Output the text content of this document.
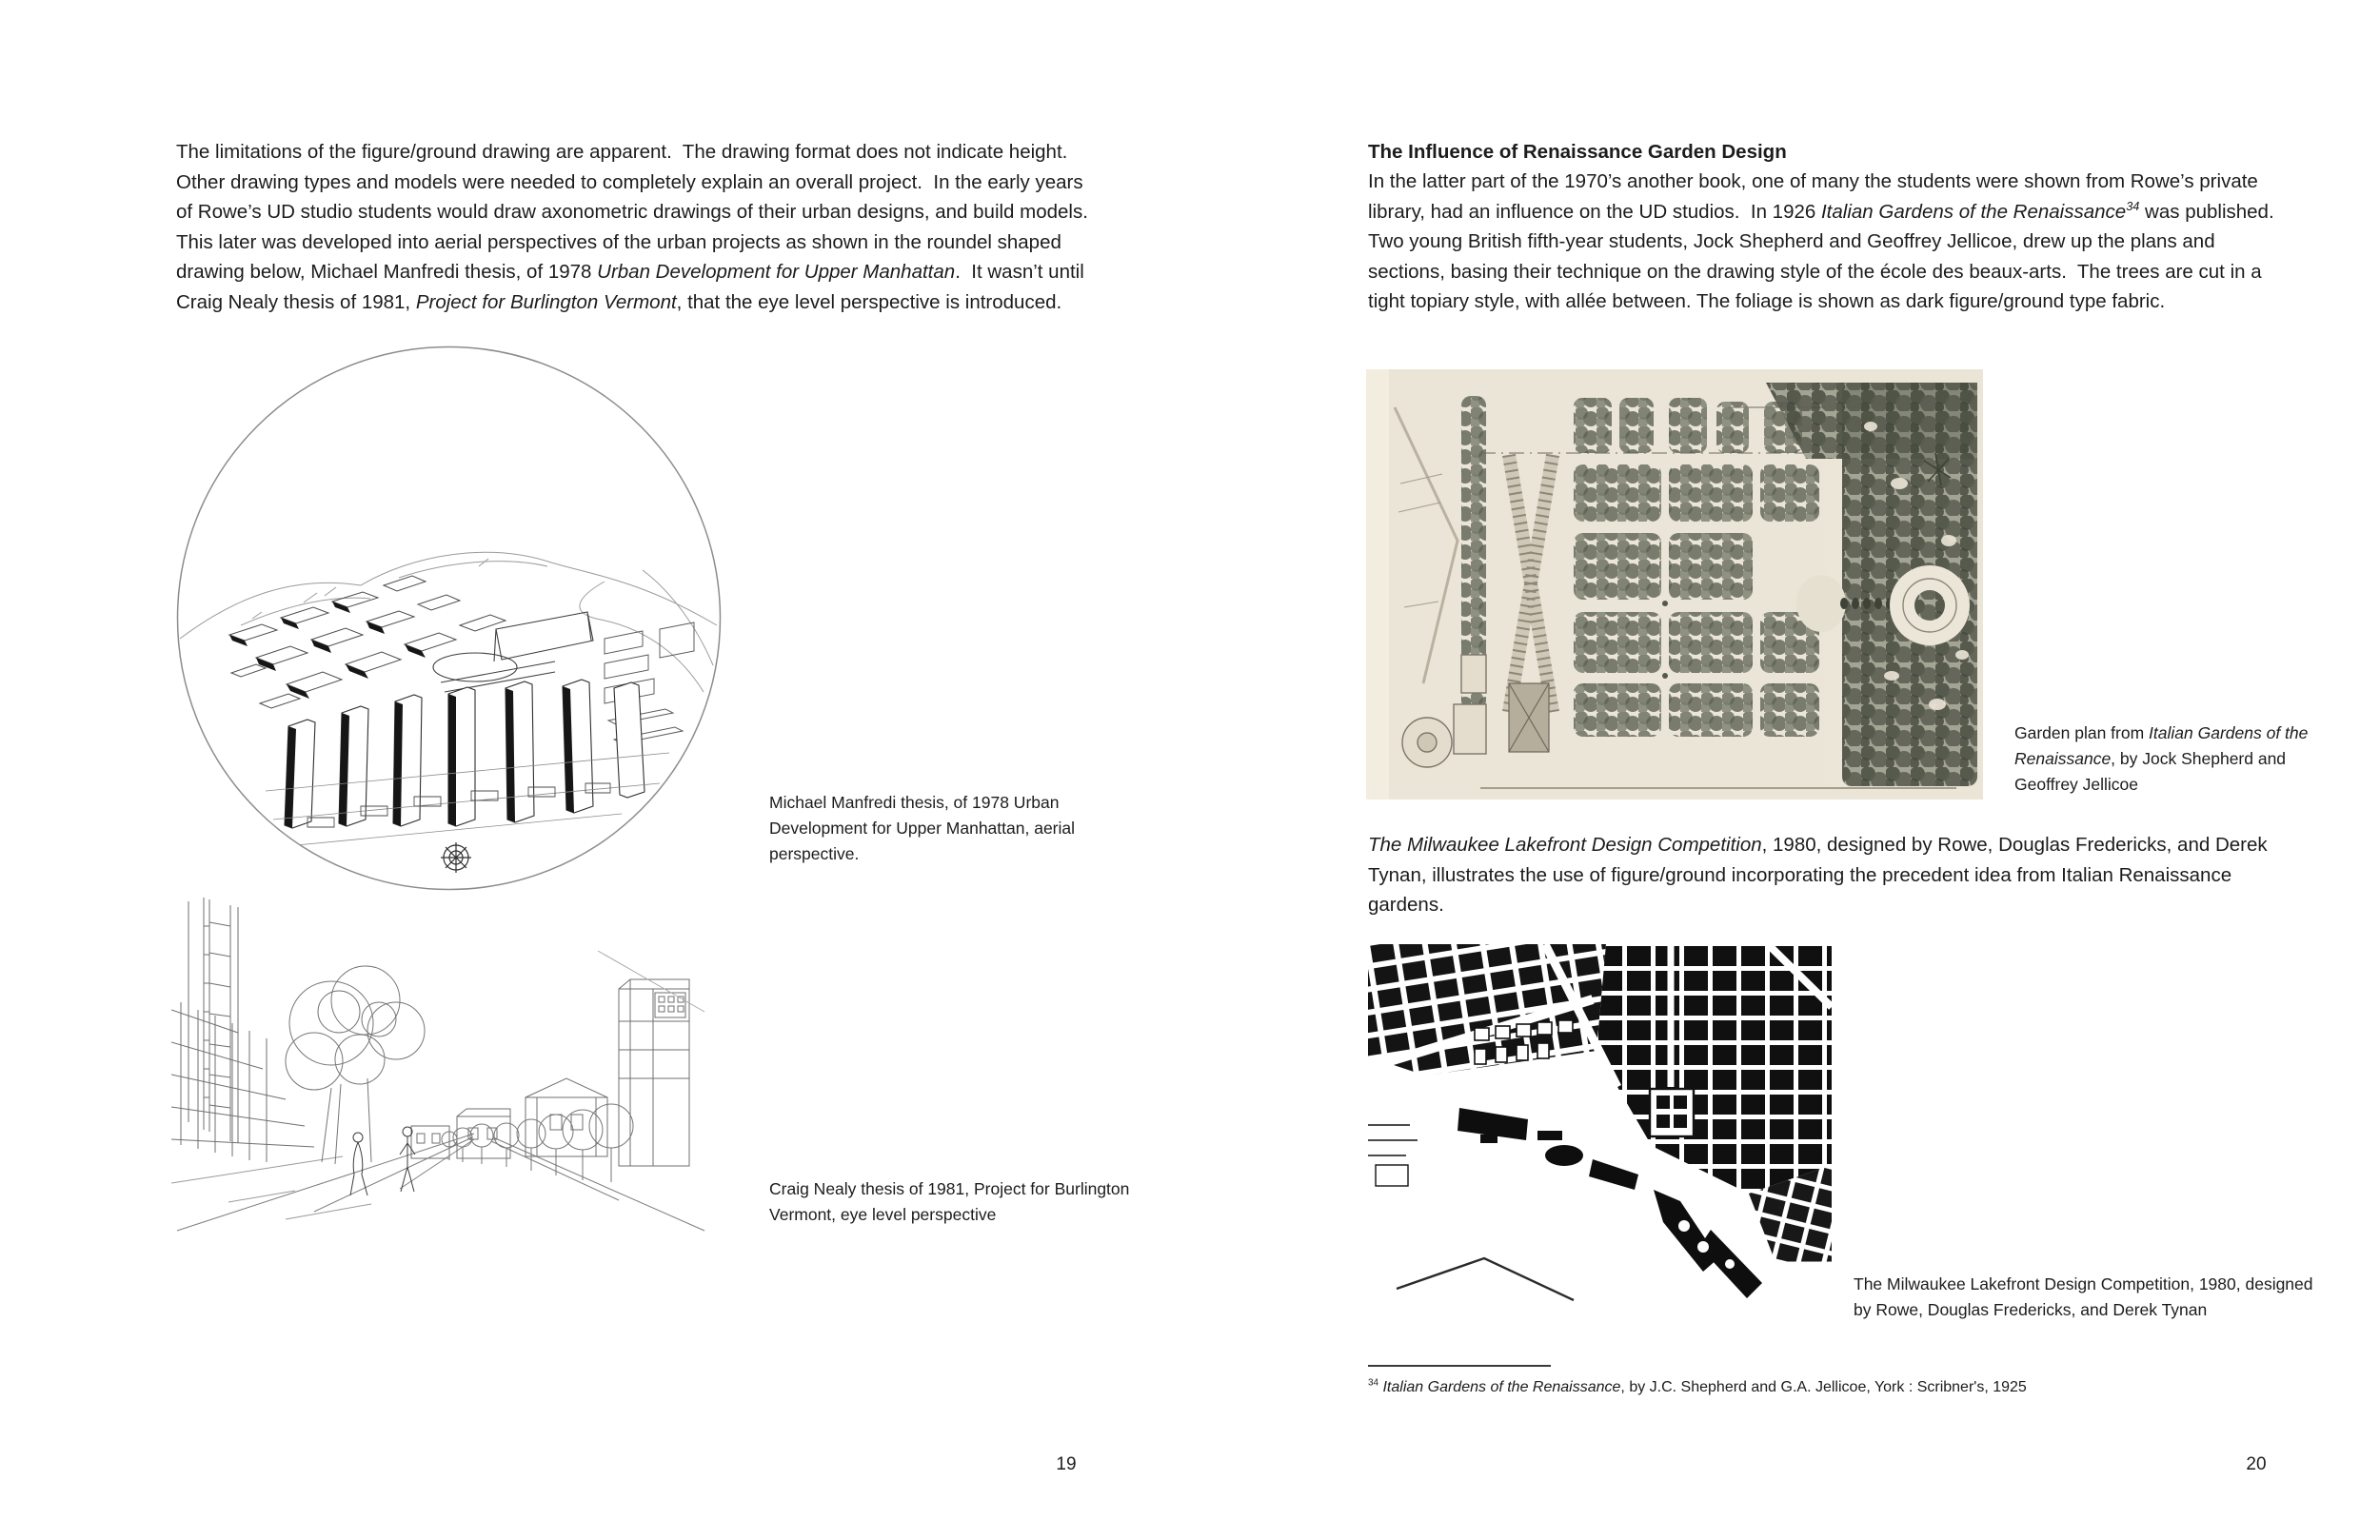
The limitations of the figure/ground drawing are apparent.  The drawing format does not indicate height.  Other drawing types and models were needed to completely explain an overall project.  In the early years of Rowe’s UD studio students would draw axonometric drawings of their urban designs, and build models.  This later was developed into aerial perspectives of the urban projects as shown in the roundel shaped drawing below, Michael Manfredi thesis, of 1978 Urban Development for Upper Manhattan.  It wasn’t until Craig Nealy thesis of 1981, Project for Burlington Vermont, that the eye level perspective is introduced.
Michael Manfredi thesis, of 1978 Urban Development for Upper Manhattan, aerial perspective.
Craig Nealy thesis of 1981, Project for Burlington Vermont, eye level perspective
19
The Influence of Renaissance Garden Design
In the latter part of the 1970’s another book, one of many the students were shown from Rowe’s private library, had an influence on the UD studios.  In 1926 Italian Gardens of the Renaissance$^{34}$ was published.  Two young British fifth-year students, Jock Shepherd and Geoffrey Jellicoe, drew up the plans and sections, basing their technique on the drawing style of the école des beaux-arts.  The trees are cut in a tight topiary style, with allée between. The foliage is shown as dark figure/ground type fabric.
Garden plan from Italian Gardens of the Renaissance, by Jock Shepherd and Geoffrey Jellicoe
The Milwaukee Lakefront Design Competition, 1980, designed by Rowe, Douglas Fredericks, and Derek Tynan, illustrates the use of figure/ground incorporating the precedent idea from Italian Renaissance gardens.
The Milwaukee Lakefront Design Competition, 1980, designed by Rowe, Douglas Fredericks, and Derek Tynan
$^{34}$ Italian Gardens of the Renaissance, by J.C. Shepherd and G.A. Jellicoe, York : Scribner's, 1925
20
